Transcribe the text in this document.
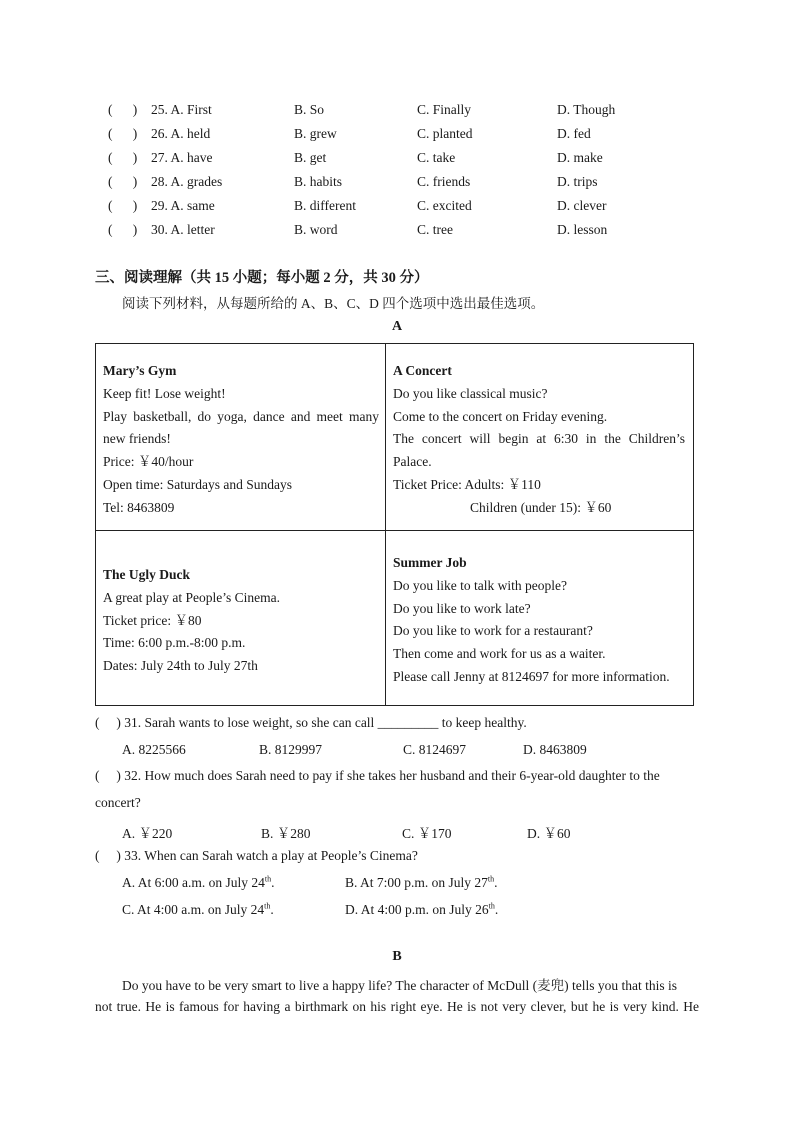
(      ) 25. A. First	B. So	C. Finally	D. Though
(      ) 26. A. held	B. grew	C. planted	D. fed
(      ) 27. A. have	B. get	C. take	D. make
(      ) 28. A. grades	B. habits	C. friends	D. trips
(      ) 29. A. same	B. different	C. excited	D. clever
(      ) 30. A. letter	B. word	C. tree	D. lesson
三、阅读理解（共 15 小题；每小题 2 分，共 30 分）
阅读下列材料，从每题所给的 A、B、C、D 四个选项中选出最佳选项。
A
Mary’s Gym
Keep fit! Lose weight!
Play basketball, do yoga, dance and meet many
new friends!
Price: ￥40/hour
Open time: Saturdays and Sundays
Tel: 8463809
A Concert
Do you like classical music?
Come to the concert on Friday evening.
The concert will begin at 6:30 in the Children’s
Palace.
Ticket Price: Adults: ￥110
Children (under 15): ￥60
The Ugly Duck
A great play at People’s Cinema.
Ticket price: ￥80
Time: 6:00 p.m.-8:00 p.m.
Dates: July 24th to July 27th
Summer Job
Do you like to talk with people?
Do you like to work late?
Do you like to work for a restaurant?
Then come and work for us as a waiter.
Please call Jenny at 8124697 for more information.
(     ) 31. Sarah wants to lose weight, so she can call _________ to keep healthy.
A. 8225566	B. 8129997	C. 8124697	D. 8463809
(     ) 32. How much does Sarah need to pay if she takes her husband and their 6-year-old daughter to the
concert?
A. ￥220	B. ￥280	C. ￥170	D. ￥60
(     ) 33. When can Sarah watch a play at People’s Cinema?
A. At 6:00 a.m. on July 24th.	B. At 7:00 p.m. on July 27th.
C. At 4:00 a.m. on July 24th.	D. At 4:00 p.m. on July 26th.
B
Do you have to be very smart to live a happy life? The character of McDull (麦兜) tells you that this is
not true. He is famous for having a birthmark on his right eye. He is not very clever, but he is very kind. He
